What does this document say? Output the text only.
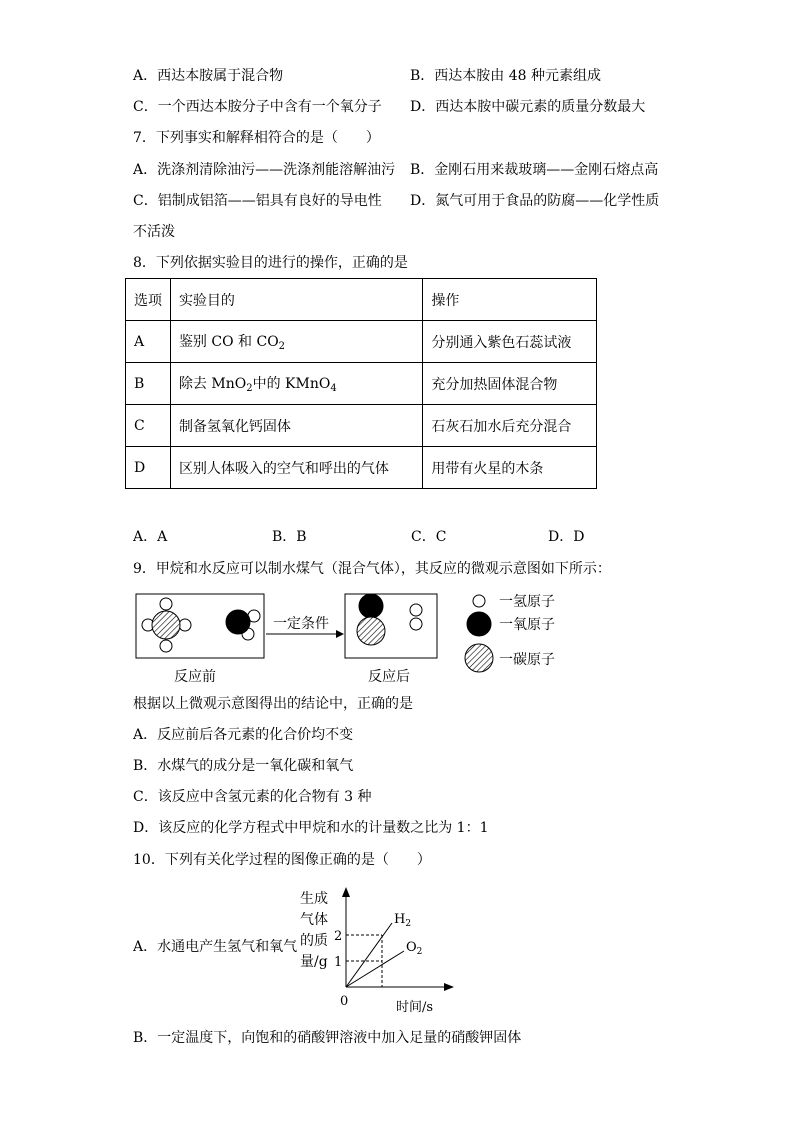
A．西达本胺属于混合物	B．西达本胺由 48 种元素组成
C．一个西达本胺分子中含有一个氧分子 D．西达本胺中碳元素的质量分数最大
7．下列事实和解释相符合的是（　　）
A．洗涤剂清除油污——洗涤剂能溶解油污 B．金刚石用来裁玻璃——金刚石熔点高
C．铝制成铝箔——铝具有良好的导电性 D．氮气可用于食品的防腐——化学性质
不活泼
8．下列依据实验目的进行的操作，正确的是
选项	实验目的	操作
A	鉴别 CO 和 $CO_2$	分别通入紫色石蕊试液
B	除去 MnO$_2$中的 KMnO$_4$	充分加热固体混合物
C	制备氢氧化钙固体	石灰石加水后充分混合
D	区别人体吸入的空气和呼出的气体	用带有火星的木条
A．A	B．B	C．C	D．D
9．甲烷和水反应可以制水煤气（混合气体），其反应的微观示意图如下所示：
一定条件
反应前	反应后
一氢原子
一氧原子
一碳原子
根据以上微观示意图得出的结论中，正确的是
A．反应前后各元素的化合价均不变
B．水煤气的成分是一氧化碳和氧气
C．该反应中含氢元素的化合物有 3 种
D．该反应的化学方程式中甲烷和水的计量数之比为 1：1
10．下列有关化学过程的图像正确的是（　　）
A．水通电产生氢气和氧气
生成
气体
的质
量/g
2
1
0	时间/s
$H_2$
$O_2$
B．一定温度下，向饱和的硝酸钾溶液中加入足量的硝酸钾固体
